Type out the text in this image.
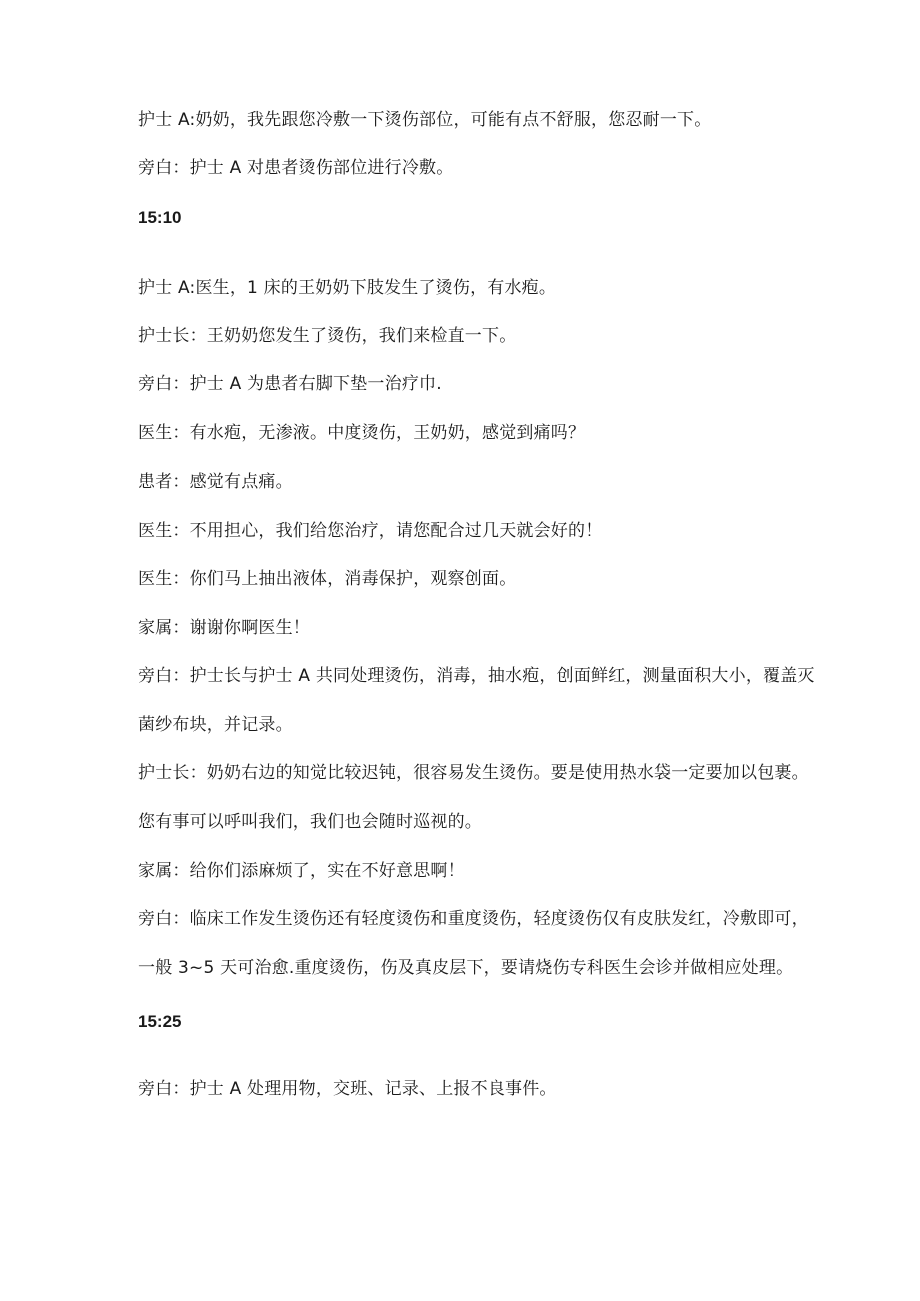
护士 A:奶奶，我先跟您冷敷一下烫伤部位，可能有点不舒服，您忍耐一下。
旁白：护士 A 对患者烫伤部位进行冷敷。
15:10
护士 A:医生，1 床的王奶奶下肢发生了烫伤，有水疱。
护士长：王奶奶您发生了烫伤，我们来检直一下。
旁白：护士 A 为患者右脚下垫一治疗巾.
医生：有水疱，无渗液。中度烫伤，王奶奶，感觉到痛吗？
患者：感觉有点痛。
医生：不用担心，我们给您治疗，请您配合过几天就会好的！
医生：你们马上抽出液体，消毒保护，观察创面。
家属：谢谢你啊医生！
旁白：护士长与护士 A 共同处理烫伤，消毒，抽水疱，创面鲜红，测量面积大小，覆盖灭
菌纱布块，并记录。
护士长：奶奶右边的知觉比较迟钝，很容易发生烫伤。要是使用热水袋一定要加以包裹。
您有事可以呼叫我们，我们也会随时巡视的。
家属：给你们添麻烦了，实在不好意思啊！
旁白：临床工作发生烫伤还有轻度烫伤和重度烫伤，轻度烫伤仅有皮肤发红，冷敷即可，
一般 3~5 天可治愈.重度烫伤，伤及真皮层下，要请烧伤专科医生会诊并做相应处理。
15:25
旁白：护士 A 处理用物，交班、记录、上报不良事件。
